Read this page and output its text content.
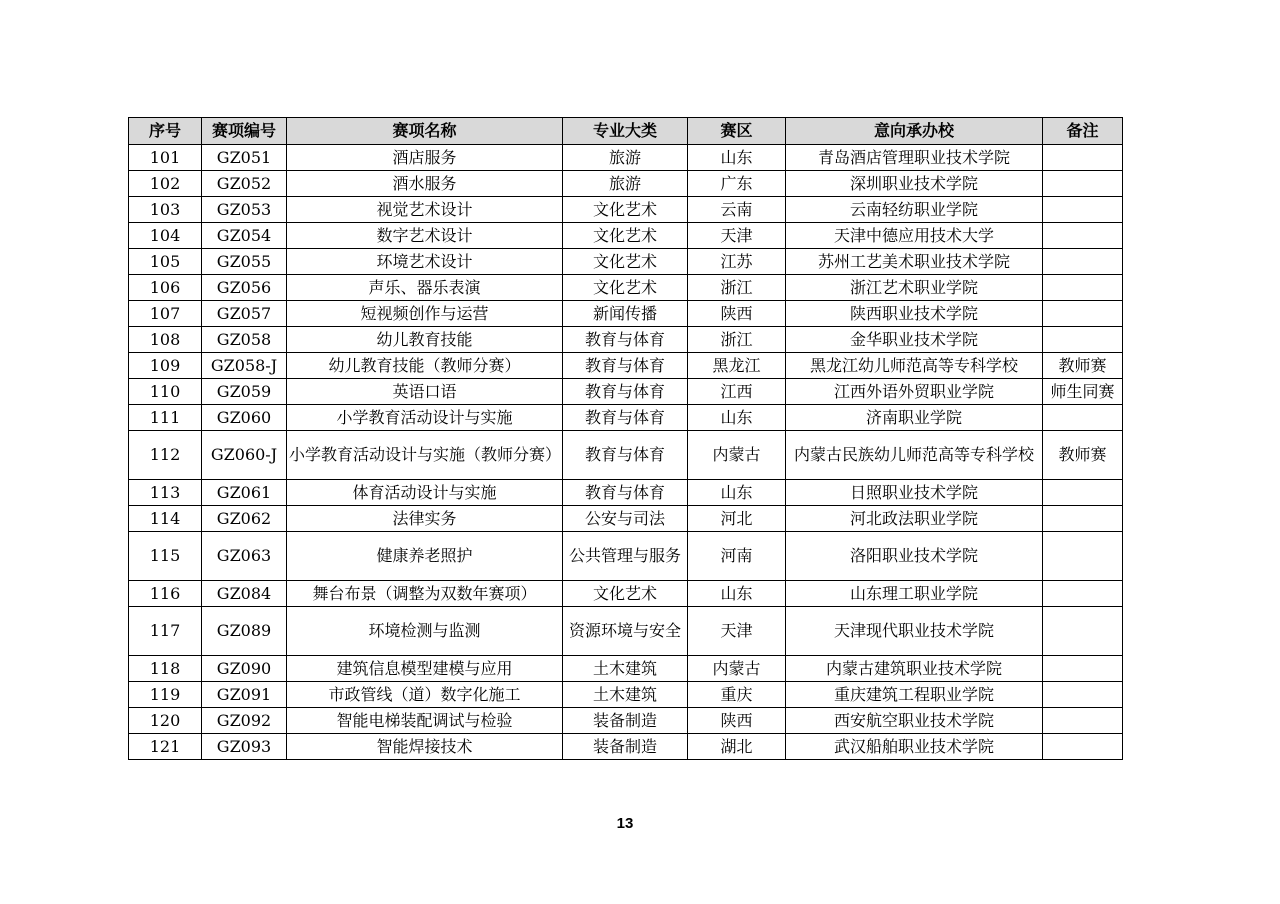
序号	赛项编号	赛项名称	专业大类	赛区	意向承办校	备注
101	GZ051	酒店服务	旅游	山东	青岛酒店管理职业技术学院	
102	GZ052	酒水服务	旅游	广东	深圳职业技术学院	
103	GZ053	视觉艺术设计	文化艺术	云南	云南轻纺职业学院	
104	GZ054	数字艺术设计	文化艺术	天津	天津中德应用技术大学	
105	GZ055	环境艺术设计	文化艺术	江苏	苏州工艺美术职业技术学院	
106	GZ056	声乐、器乐表演	文化艺术	浙江	浙江艺术职业学院	
107	GZ057	短视频创作与运营	新闻传播	陕西	陕西职业技术学院	
108	GZ058	幼儿教育技能	教育与体育	浙江	金华职业技术学院	
109	GZ058-J	幼儿教育技能（教师分赛）	教育与体育	黑龙江	黑龙江幼儿师范高等专科学校	教师赛
110	GZ059	英语口语	教育与体育	江西	江西外语外贸职业学院	师生同赛
111	GZ060	小学教育活动设计与实施	教育与体育	山东	济南职业学院	
112	GZ060-J	小学教育活动设计与实施（教师分赛）	教育与体育	内蒙古	内蒙古民族幼儿师范高等专科学校	教师赛
113	GZ061	体育活动设计与实施	教育与体育	山东	日照职业技术学院	
114	GZ062	法律实务	公安与司法	河北	河北政法职业学院	
115	GZ063	健康养老照护	公共管理与服务	河南	洛阳职业技术学院	
116	GZ084	舞台布景（调整为双数年赛项）	文化艺术	山东	山东理工职业学院	
117	GZ089	环境检测与监测	资源环境与安全	天津	天津现代职业技术学院	
118	GZ090	建筑信息模型建模与应用	土木建筑	内蒙古	内蒙古建筑职业技术学院	
119	GZ091	市政管线（道）数字化施工	土木建筑	重庆	重庆建筑工程职业学院	
120	GZ092	智能电梯装配调试与检验	装备制造	陕西	西安航空职业技术学院	
121	GZ093	智能焊接技术	装备制造	湖北	武汉船舶职业技术学院	
13
